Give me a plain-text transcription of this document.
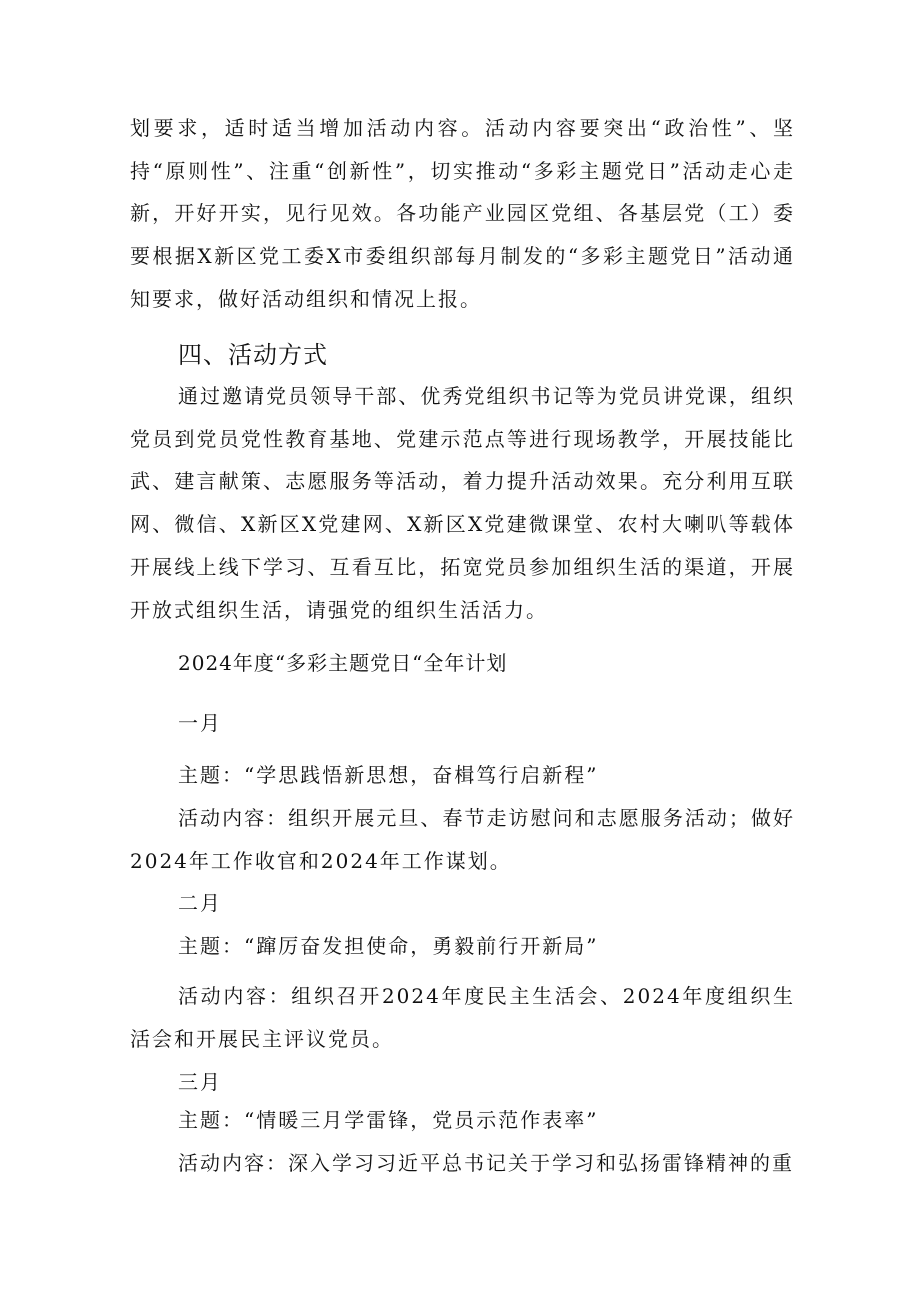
划要求，适时适当增加活动内容。活动内容要突出“政治性”、坚持“原则性”、注重“创新性”，切实推动“多彩主题党日”活动走心走新，开好开实，见行见效。各功能产业园区党组、各基层党（工）委要根据X新区党工委X市委组织部每月制发的“多彩主题党日”活动通知要求，做好活动组织和情况上报。

四、活动方式

通过邀请党员领导干部、优秀党组织书记等为党员讲党课，组织党员到党员党性教育基地、党建示范点等进行现场教学，开展技能比武、建言献策、志愿服务等活动，着力提升活动效果。充分利用互联网、微信、X新区X党建网、X新区X党建微课堂、农村大喇叭等载体开展线上线下学习、互看互比，拓宽党员参加组织生活的渠道，开展开放式组织生活，请强党的组织生活活力。

2024年度“多彩主题党日“全年计划

一月

主题：“学思践悟新思想，奋楫笃行启新程”

活动内容：组织开展元旦、春节走访慰问和志愿服务活动；做好2024年工作收官和2024年工作谋划。

二月

主题：“蹿厉奋发担使命，勇毅前行开新局”

活动内容：组织召开2024年度民主生活会、2024年度组织生活会和开展民主评议党员。

三月

主题：“情暖三月学雷锋，党员示范作表率”

活动内容：深入学习习近平总书记关于学习和弘扬雷锋精神的重
